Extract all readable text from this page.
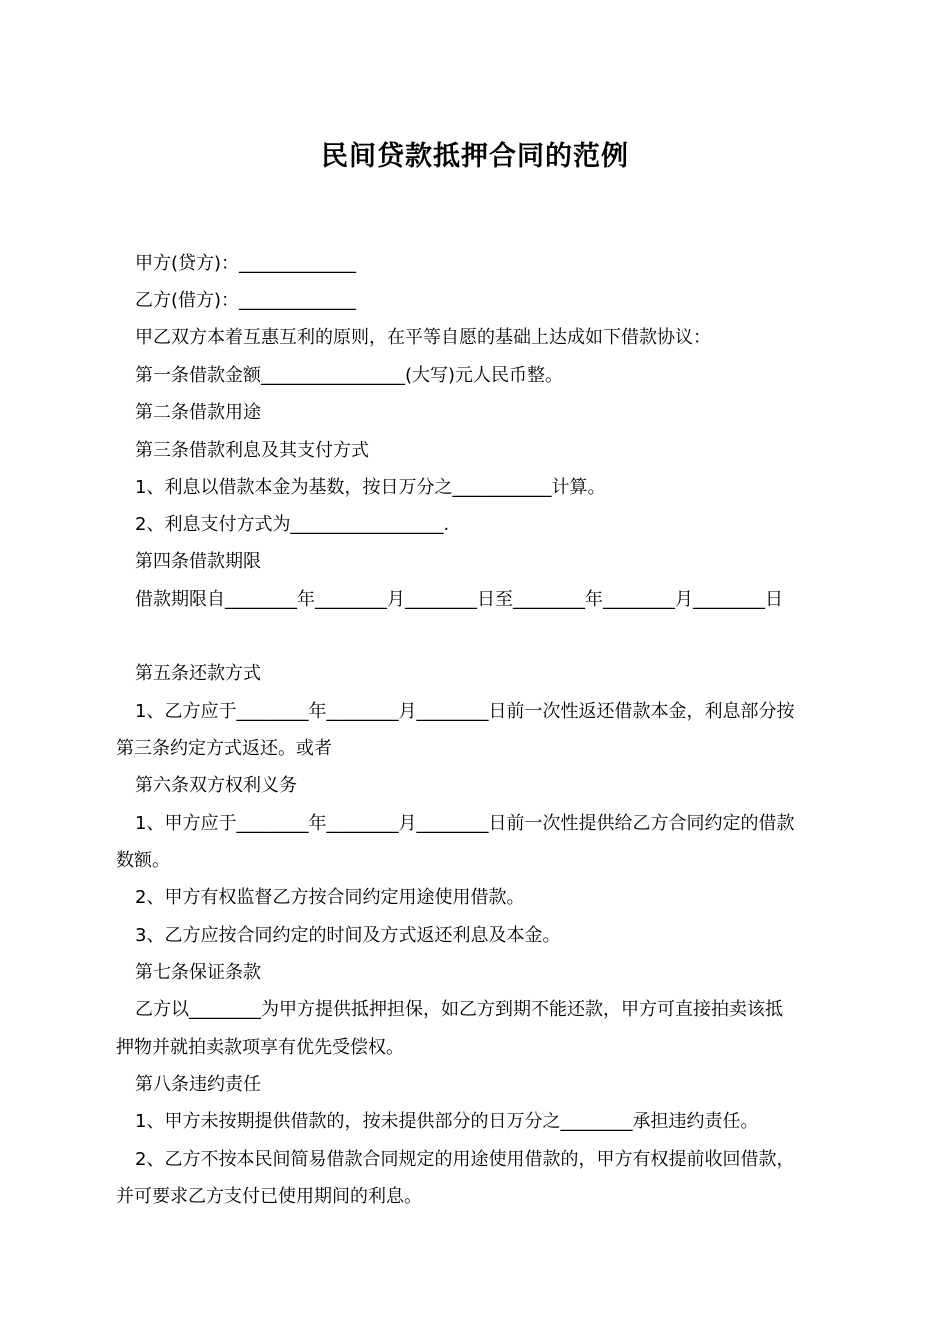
民间贷款抵押合同的范例
甲方(贷方)：_____________
乙方(借方)：_____________
甲乙双方本着互惠互利的原则，在平等自愿的基础上达成如下借款协议：
第一条借款金额________________(大写)元人民币整。
第二条借款用途
第三条借款利息及其支付方式
1、利息以借款本金为基数，按日万分之___________计算。
2、利息支付方式为_________________.
第四条借款期限
借款期限自________年________月________日至________年________月________日
第五条还款方式
1、乙方应于________年________月________日前一次性返还借款本金，利息部分按
第三条约定方式返还。或者
第六条双方权利义务
1、甲方应于________年________月________日前一次性提供给乙方合同约定的借款
数额。
2、甲方有权监督乙方按合同约定用途使用借款。
3、乙方应按合同约定的时间及方式返还利息及本金。
第七条保证条款
乙方以________为甲方提供抵押担保，如乙方到期不能还款，甲方可直接拍卖该抵
押物并就拍卖款项享有优先受偿权。
第八条违约责任
1、甲方未按期提供借款的，按未提供部分的日万分之________承担违约责任。
2、乙方不按本民间简易借款合同规定的用途使用借款的，甲方有权提前收回借款，
并可要求乙方支付已使用期间的利息。
